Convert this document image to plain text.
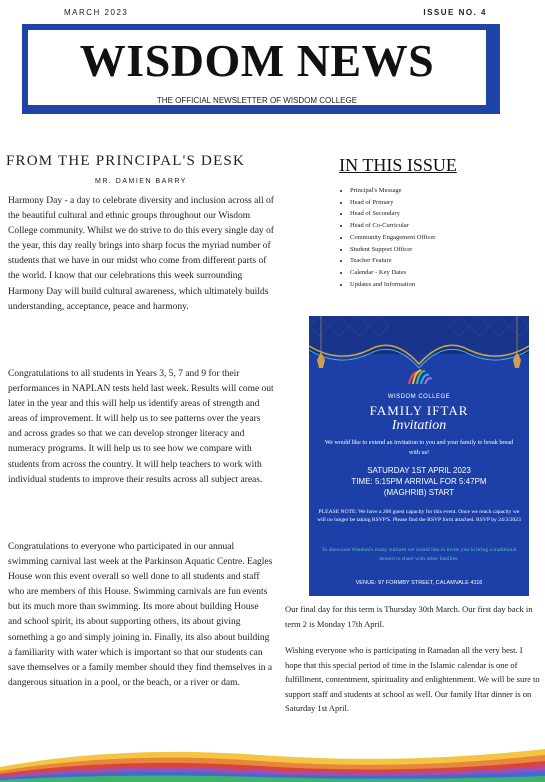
MARCH 2023	ISSUE NO. 4
WISDOM NEWS
THE OFFICIAL NEWSLETTER OF WISDOM COLLEGE
FROM THE PRINCIPAL'S DESK
MR. DAMIEN BARRY

Harmony Day - a day to celebrate diversity and inclusion across all of the beautiful cultural and ethnic groups throughout our Wisdom College community. Whilst we do strive to do this every single day of the year, this day really brings into sharp focus the myriad number of students that we have in our midst who come from different parts of the world. I know that our celebrations this week surrounding Harmony Day will build cultural awareness, which ultimately builds understanding, acceptance, peace and harmony.

Congratulations to all students in Years 3, 5, 7 and 9 for their performances in NAPLAN tests held last week. Results will come out later in the year and this will help us identify areas of strength and areas of improvement. It will help us to see patterns over the years and across grades so that we can develop stronger literacy and numeracy programs. It will help us to see how we compare with students from across the country. It will help teachers to work with individual students to improve their results across all subject areas.

Congratulations to everyone who participated in our annual swimming carnival last week at the Parkinson Aquatic Centre. Eagles House won this event overall so well done to all students and staff who are members of this House. Swimming carnivals are fun events but its much more than swimming. Its more about building House and school spirit, its about supporting others, its about giving something a go and simply joining in. Finally, its also about building a familiarity with water which is important so that our students can save themselves or a family member should they find themselves in a dangerous situation in a pool, or the beach, or a river or dam.

IN THIS ISSUE
• Principal's Message
• Head of Primary
• Head of Secondary
• Head of Co-Curricular
• Community Engagement Officer
• Student Support Officer
• Teacher Feature
• Calendar - Key Dates
• Updates and Information
WISDOM COLLEGE
FAMILY IFTAR
Invitation
We would like to extend an invitation to you and your family to break bread with us!
SATURDAY 1ST APRIL 2023
TIME: 5:15PM ARRIVAL FOR 5:47PM
(MAGHRIB) START
PLEASE NOTE: We have a 200 guest capacity for this event. Once we reach capacity we will no longer be taking RSVP'S. Please find the RSVP form attached. RSVP by 24/3/2023
To showcase Wisdom's many cultures we would like to invite you to bring a traditional dessert to share with other families.
VENUE: 97 FORMBY STREET, CALAMVALE 4116

Our final day for this term is Thursday 30th March. Our first day back in term 2 is Monday 17th April.

Wishing everyone who is participating in Ramadan all the very best. I hope that this special period of time in the Islamic calendar is one of fulfillment, contentment, spirituality and enlightenment. We will be sure to support staff and students at school as well. Our family Iftar dinner is on Saturday 1st April.
